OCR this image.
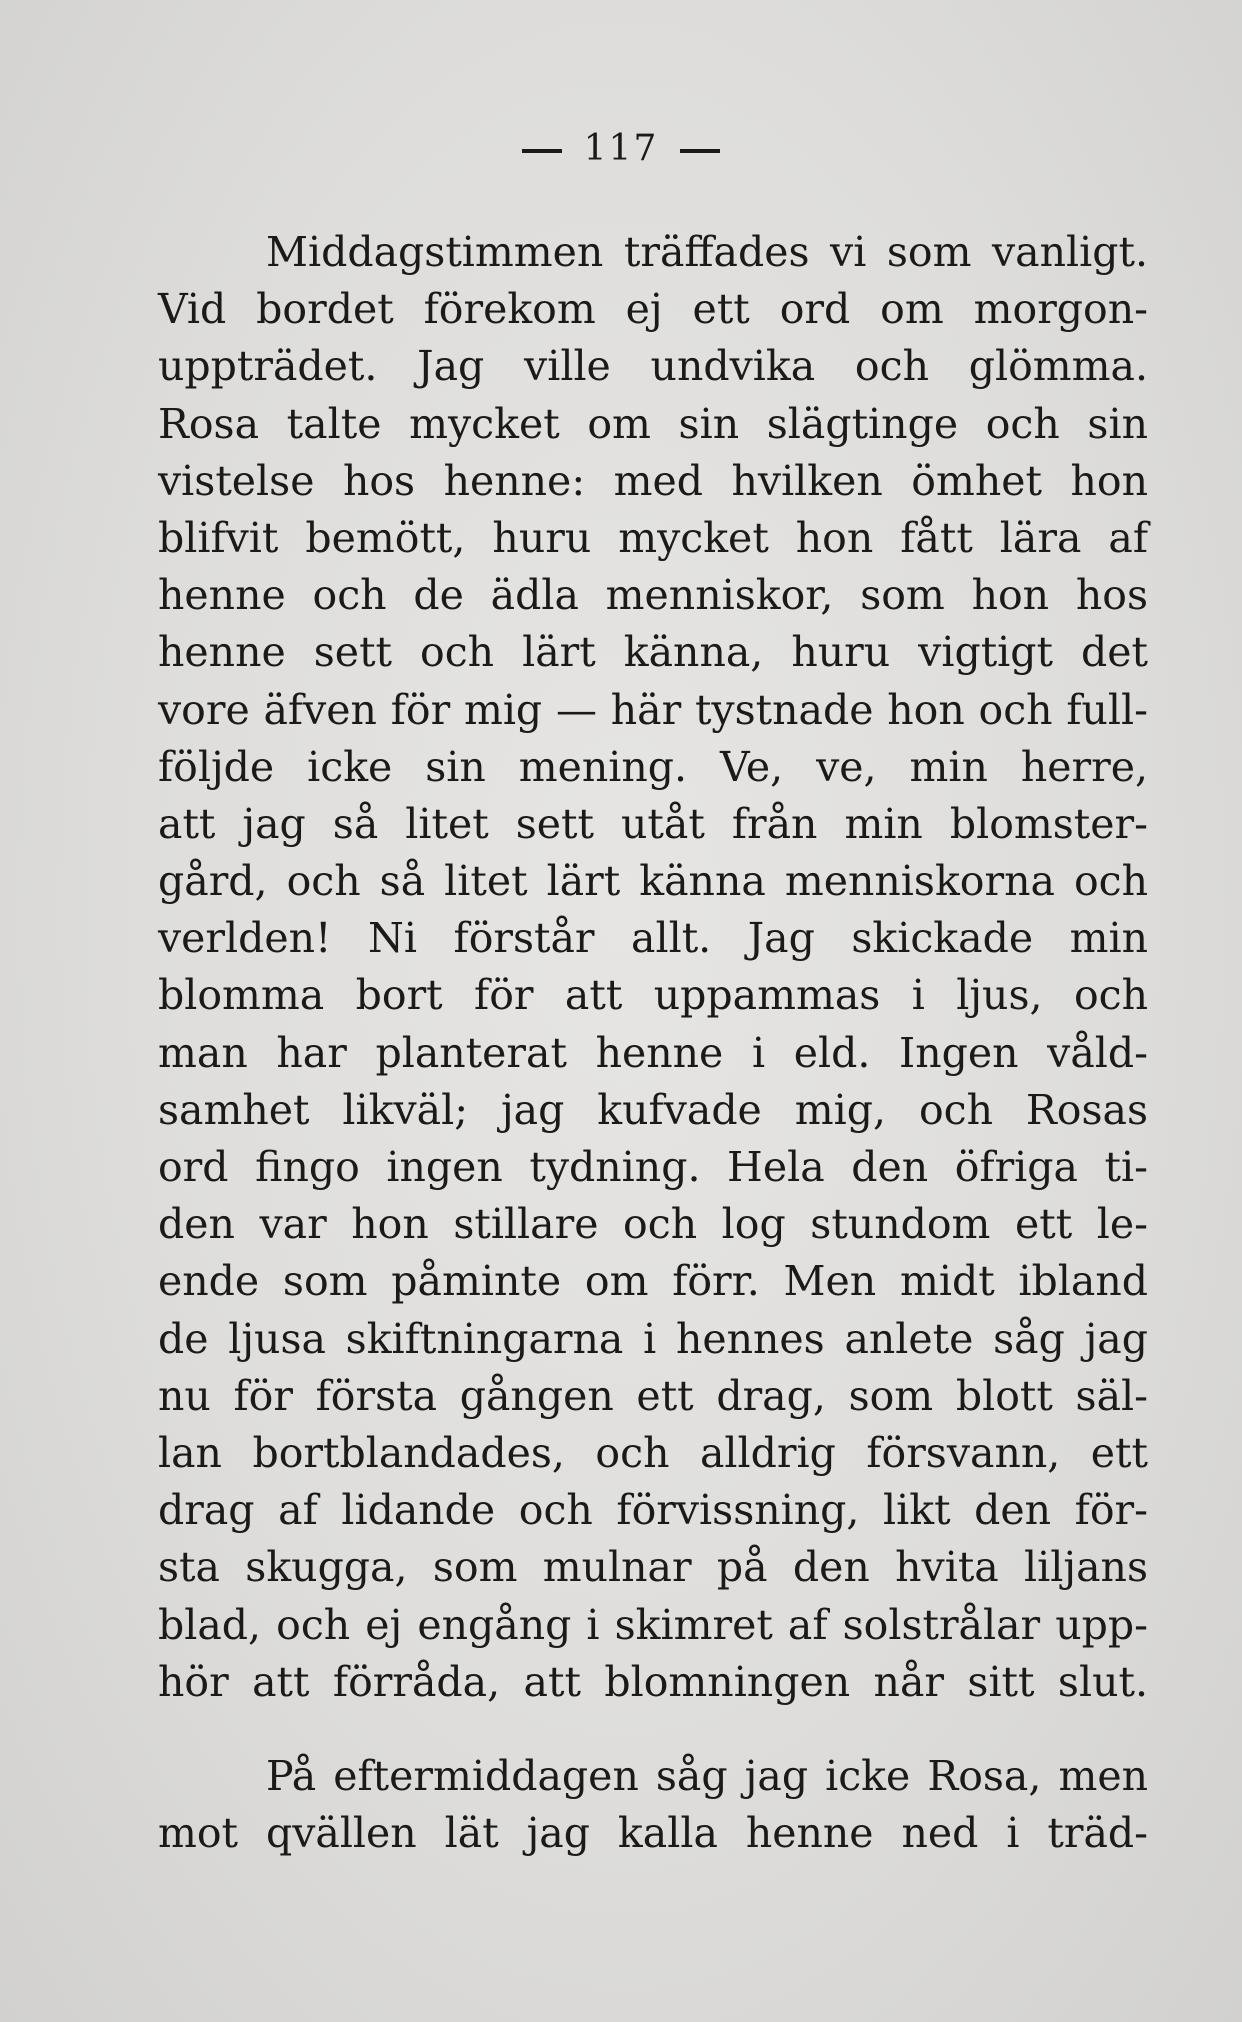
117
Middagstimmen träffades vi som vanligt.
Vid bordet förekom ej ett ord om morgon-
uppträdet. Jag ville undvika och glömma.
Rosa talte mycket om sin slägtinge och sin
vistelse hos henne: med hvilken ömhet hon
blifvit bemött, huru mycket hon fått lära af
henne och de ädla menniskor, som hon hos
henne sett och lärt känna, huru vigtigt det
vore äfven för mig — här tystnade hon och full-
följde icke sin mening. Ve, ve, min herre,
att jag så litet sett utåt från min blomster-
gård, och så litet lärt känna menniskorna och
verlden! Ni förstår allt. Jag skickade min
blomma bort för att uppammas i ljus, och
man har planterat henne i eld. Ingen våld-
samhet likväl; jag kufvade mig, och Rosas
ord fingo ingen tydning. Hela den öfriga ti-
den var hon stillare och log stundom ett le-
ende som påminte om förr. Men midt ibland
de ljusa skiftningarna i hennes anlete såg jag
nu för första gången ett drag, som blott säl-
lan bortblandades, och alldrig försvann, ett
drag af lidande och förvissning, likt den för-
sta skugga, som mulnar på den hvita liljans
blad, och ej engång i skimret af solstrålar upp-
hör att förråda, att blomningen når sitt slut.
På eftermiddagen såg jag icke Rosa, men
mot qvällen lät jag kalla henne ned i träd-
